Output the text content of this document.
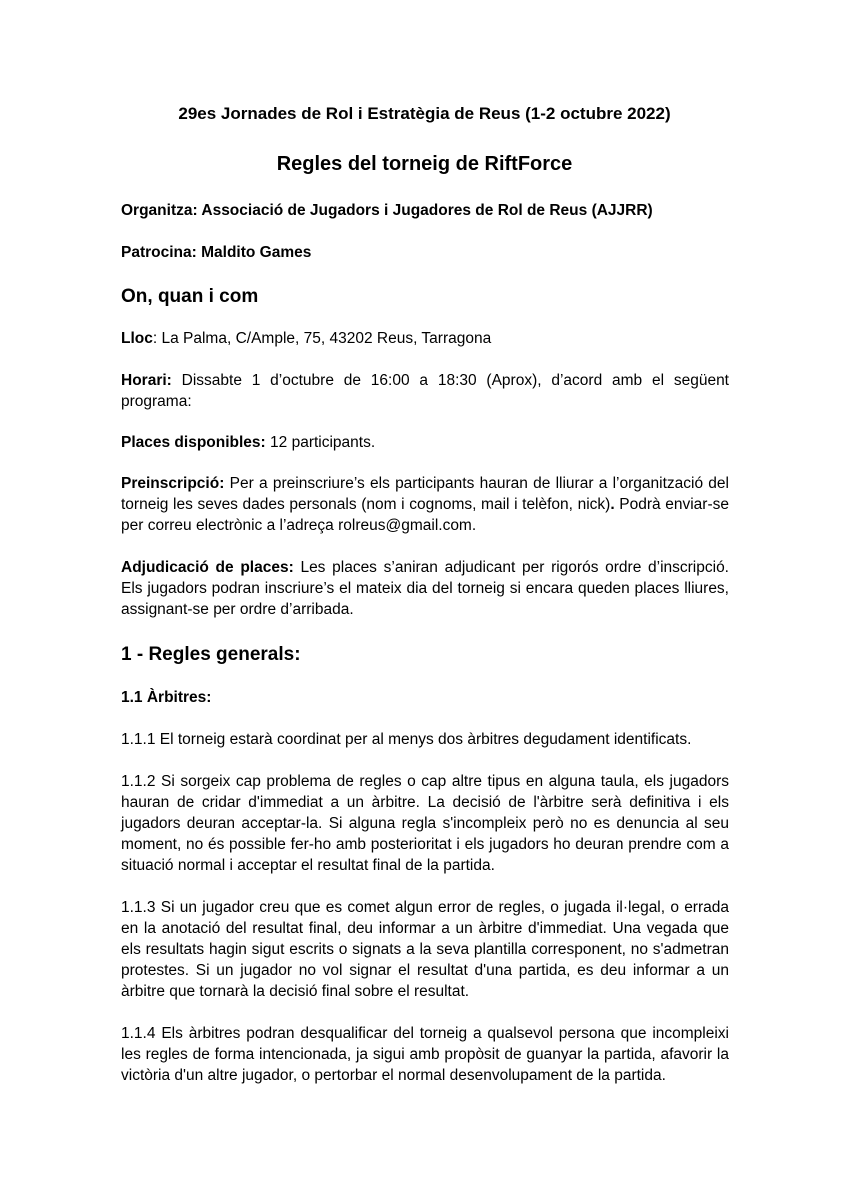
29es Jornades de Rol i Estratègia de Reus (1-2 octubre 2022)

Regles del torneig de RiftForce

Organitza: Associació de Jugadors i Jugadores de Rol de Reus (AJJRR)

Patrocina: Maldito Games

On, quan i com

Lloc: La Palma, C/Ample, 75, 43202 Reus, Tarragona

Horari: Dissabte 1 d’octubre de 16:00 a 18:30 (Aprox), d’acord amb el següent programa:

Places disponibles: 12 participants.

Preinscripció: Per a preinscriure’s els participants hauran de lliurar a l’organització del torneig les seves dades personals (nom i cognoms, mail i telèfon, nick). Podrà enviar-se per correu electrònic a l’adreça rolreus@gmail.com.

Adjudicació de places: Les places s’aniran adjudicant per rigorós ordre d’inscripció. Els jugadors podran inscriure’s el mateix dia del torneig si encara queden places lliures, assignant-se per ordre d’arribada.

1 - Regles generals:

1.1 Àrbitres:

1.1.1 El torneig estarà coordinat per al menys dos àrbitres degudament identificats.

1.1.2 Si sorgeix cap problema de regles o cap altre tipus en alguna taula, els jugadors hauran de cridar d'immediat a un àrbitre. La decisió de l'àrbitre serà definitiva i els jugadors deuran acceptar-la. Si alguna regla s'incompleix però no es denuncia al seu moment, no és possible fer-ho amb posterioritat i els jugadors ho deuran prendre com a situació normal i acceptar el resultat final de la partida.

1.1.3 Si un jugador creu que es comet algun error de regles, o jugada il·legal, o errada en la anotació del resultat final, deu informar a un àrbitre d'immediat. Una vegada que els resultats hagin sigut escrits o signats a la seva plantilla corresponent, no s'admetran protestes. Si un jugador no vol signar el resultat d'una partida, es deu informar a un àrbitre que tornarà la decisió final sobre el resultat.

1.1.4 Els àrbitres podran desqualificar del torneig a qualsevol persona que incompleixi les regles de forma intencionada, ja sigui amb propòsit de guanyar la partida, afavorir la victòria d'un altre jugador, o pertorbar el normal desenvolupament de la partida.
